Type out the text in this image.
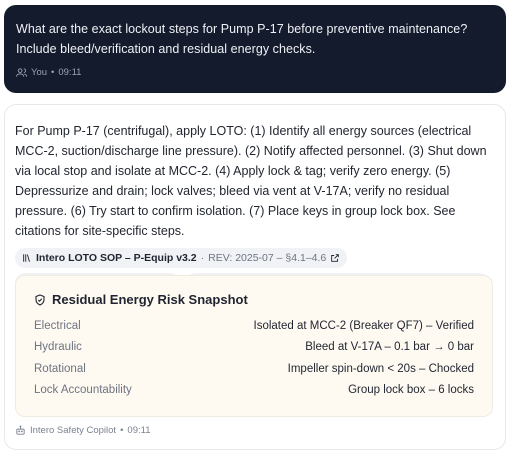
What are the exact lockout steps for Pump P-17 before preventive maintenance? Include bleed/verification and residual energy checks.
You • 09:11
For Pump P-17 (centrifugal), apply LOTO: (1) Identify all energy sources (electrical MCC-2, suction/discharge line pressure). (2) Notify affected personnel. (3) Shut down via local stop and isolate at MCC-2. (4) Apply lock & tag; verify zero energy. (5) Depressurize and drain; lock valves; bleed via vent at V-17A; verify no residual pressure. (6) Try start to confirm isolation. (7) Place keys in group lock box. See citations for site-specific steps.
Intero LOTO SOP – P-Equip v3.2 · REV: 2025-07 – §4.1–4.6
Residual Energy Risk Snapshot
Electrical	Isolated at MCC-2 (Breaker QF7) – Verified
Hydraulic	Bleed at V-17A – 0.1 bar → 0 bar
Rotational	Impeller spin-down < 20s – Chocked
Lock Accountability	Group lock box – 6 locks
Intero Safety Copilot • 09:11
